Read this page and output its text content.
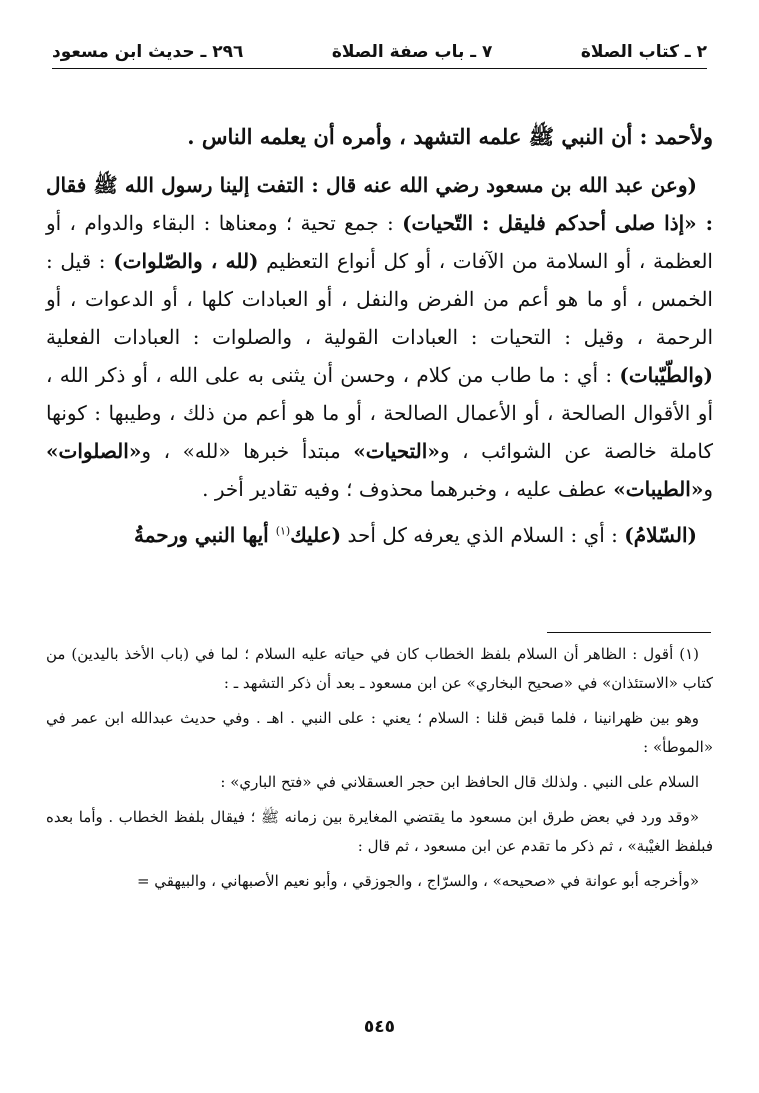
٢ ـ كتاب الصلاة
٧ ـ باب صفة الصلاة
٢٩٦ ـ حديث ابن مسعود

ولأحمد : أن النبي ﷺ علمه التشهد ، وأمره أن يعلمه الناس .

(وعن عبد الله بن مسعود رضي الله عنه قال : التفت إلينا رسول الله ﷺ فقال : «إذا صلى أحدكم فليقل : التّحيات) : جمع تحية ؛ ومعناها : البقاء والدوام ، أو العظمة ، أو السلامة من الآفات ، أو كل أنواع التعظيم (لله ، والصّلوات) : قيل : الخمس ، أو ما هو أعم من الفرض والنفل ، أو العبادات كلها ، أو الدعوات ، أو الرحمة ، وقيل : التحيات : العبادات القولية ، والصلوات : العبادات الفعلية (والطّيّبات) : أي : ما طاب من كلام ، وحسن أن يثنى به على الله ، أو ذكر الله ، أو الأقوال الصالحة ، أو الأعمال الصالحة ، أو ما هو أعم من ذلك ، وطيبها : كونها كاملة خالصة عن الشوائب ، و«التحيات» مبتدأ خبرها «لله» ، و«الصلوات» و«الطيبات» عطف عليه ، وخبرهما محذوف ؛ وفيه تقادير أخر .

(السّلامُ) : أي : السلام الذي يعرفه كل أحد (عليك$^{(١)}$ أيها النبي ورحمةُ

(١) أقول : الظاهر أن السلام بلفظ الخطاب كان في حياته عليه السلام ؛ لما في (باب الأخذ باليدين) من كتاب «الاستئذان» في «صحيح البخاري» عن ابن مسعود ـ بعد أن ذكر التشهد ـ :

وهو بين ظهرانينا ، فلما قبض قلنا : السلام ؛ يعني : على النبي . اهـ . وفي حديث عبدالله ابن عمر في «الموطأ» :

السلام على النبي . ولذلك قال الحافظ ابن حجر العسقلاني في «فتح الباري» :

«وقد ورد في بعض طرق ابن مسعود ما يقتضي المغايرة بين زمانه ﷺ ؛ فيقال بلفظ الخطاب . وأما بعده فبلفظ الغيْبة» ، ثم ذكر ما تقدم عن ابن مسعود ، ثم قال :

«وأخرجه أبو عوانة في «صحيحه» ، والسرّاج ، والجوزقي ، وأبو نعيم الأصبهاني ، والبيهقي =

٥٤٥
